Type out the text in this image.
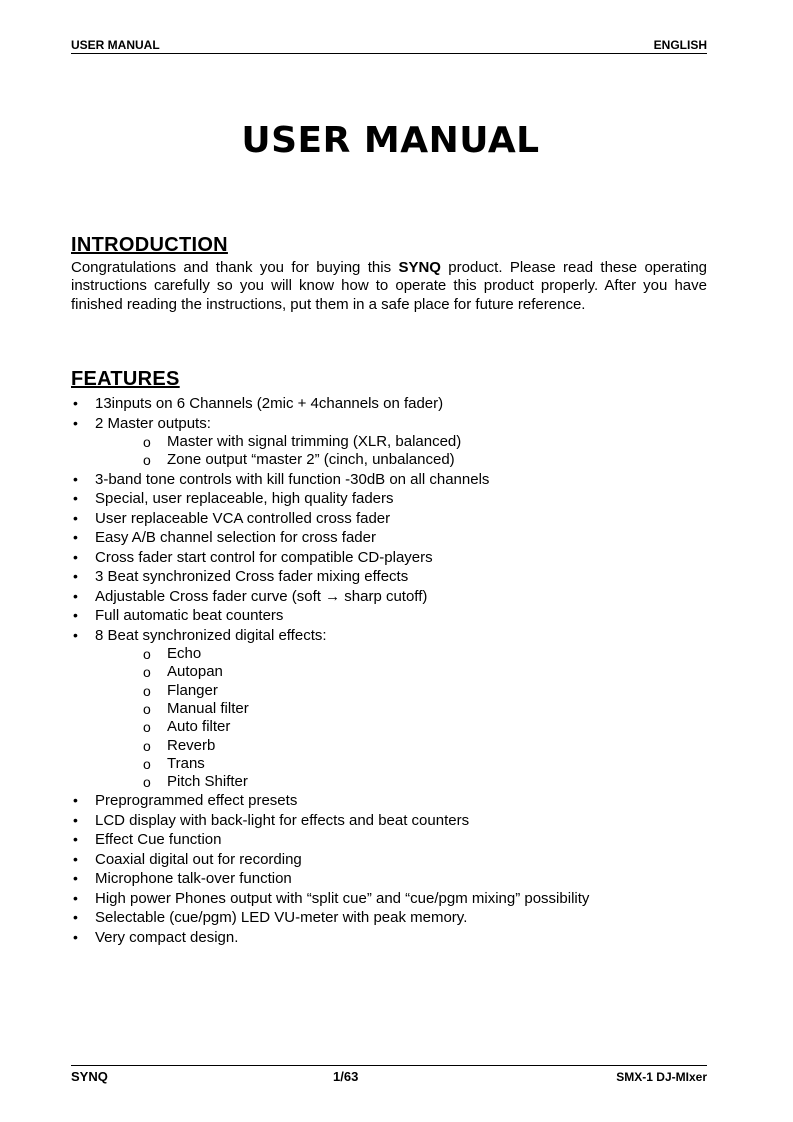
USER MANUAL	ENGLISH
USER MANUAL
INTRODUCTION
Congratulations and thank you for buying this SYNQ product. Please read these operating instructions carefully so you will know how to operate this product properly. After you have finished reading the instructions, put them in a safe place for future reference.
FEATURES
• 13inputs on 6 Channels (2mic + 4channels on fader)
• 2 Master outputs:
o Master with signal trimming (XLR, balanced)
o Zone output “master 2” (cinch, unbalanced)
• 3-band tone controls with kill function -30dB on all channels
• Special, user replaceable, high quality faders
• User replaceable VCA controlled cross fader
• Easy A/B channel selection for cross fader
• Cross fader start control for compatible CD-players
• 3 Beat synchronized Cross fader mixing effects
• Adjustable Cross fader curve (soft → sharp cutoff)
• Full automatic beat counters
• 8 Beat synchronized digital effects:
o Echo
o Autopan
o Flanger
o Manual filter
o Auto filter
o Reverb
o Trans
o Pitch Shifter
• Preprogrammed effect presets
• LCD display with back-light for effects and beat counters
• Effect Cue function
• Coaxial digital out for recording
• Microphone talk-over function
• High power Phones output with “split cue” and “cue/pgm mixing” possibility
• Selectable (cue/pgm) LED VU-meter with peak memory.
• Very compact design.
SYNQ	1/63	SMX-1 DJ-MIxer
